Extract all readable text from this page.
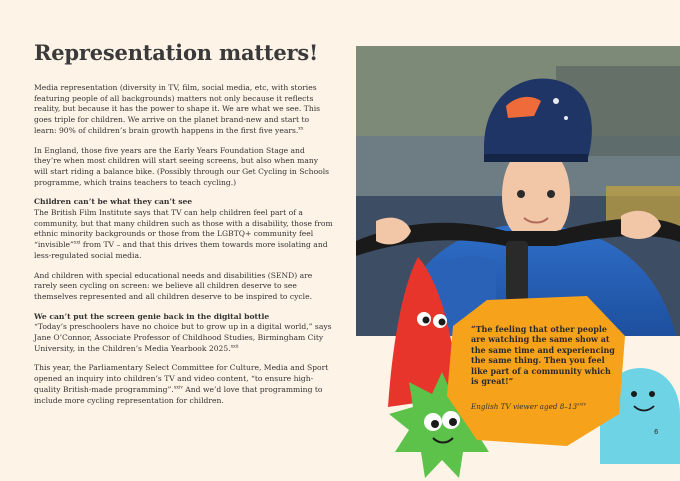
Representation matters!

Media representation (diversity in TV, film, social media, etc, with stories featuring people of all backgrounds) matters not only because it reflects reality, but because it has the power to shape it. We are what we see. This goes triple for children. We arrive on the planet brand-new and start to learn: 90% of children’s brain growth happens in the first five years.$^{xx}$

In England, those five years are the Early Years Foundation Stage and they’re when most children will start seeing screens, but also when many will start riding a balance bike. (Possibly through our Get Cycling in Schools programme, which trains teachers to teach cycling.)

Children can’t be what they can’t see
The British Film Institute says that TV can help children feel part of a community, but that many children such as those with a disability, those from ethnic minority backgrounds or those from the LGBTQ+ community feel “invisible”$^{xxi}$ from TV – and that this drives them towards more isolating and less-regulated social media.

And children with special educational needs and disabilities (SEND) are rarely seen cycling on screen: we believe all children deserve to see themselves represented and all children deserve to be inspired to cycle.

We can’t put the screen genie back in the digital bottle
“Today’s preschoolers have no choice but to grow up in a digital world,” says Jane O’Connor, Associate Professor of Childhood Studies, Birmingham City University, in the Children’s Media Yearbook 2025.$^{xxii}$

This year, the Parliamentary Select Committee for Culture, Media and Sport opened an inquiry into children’s TV and video content, “to ensure high-quality British-made programming”.$^{xxiv}$ And we’d love that programming to include more cycling representation for children.

“The feeling that other people are watching the same show at the same time and experiencing the same thing. Then you feel like part of a community which is great!”
English TV viewer aged 8–13$^{xxiv}$
6
